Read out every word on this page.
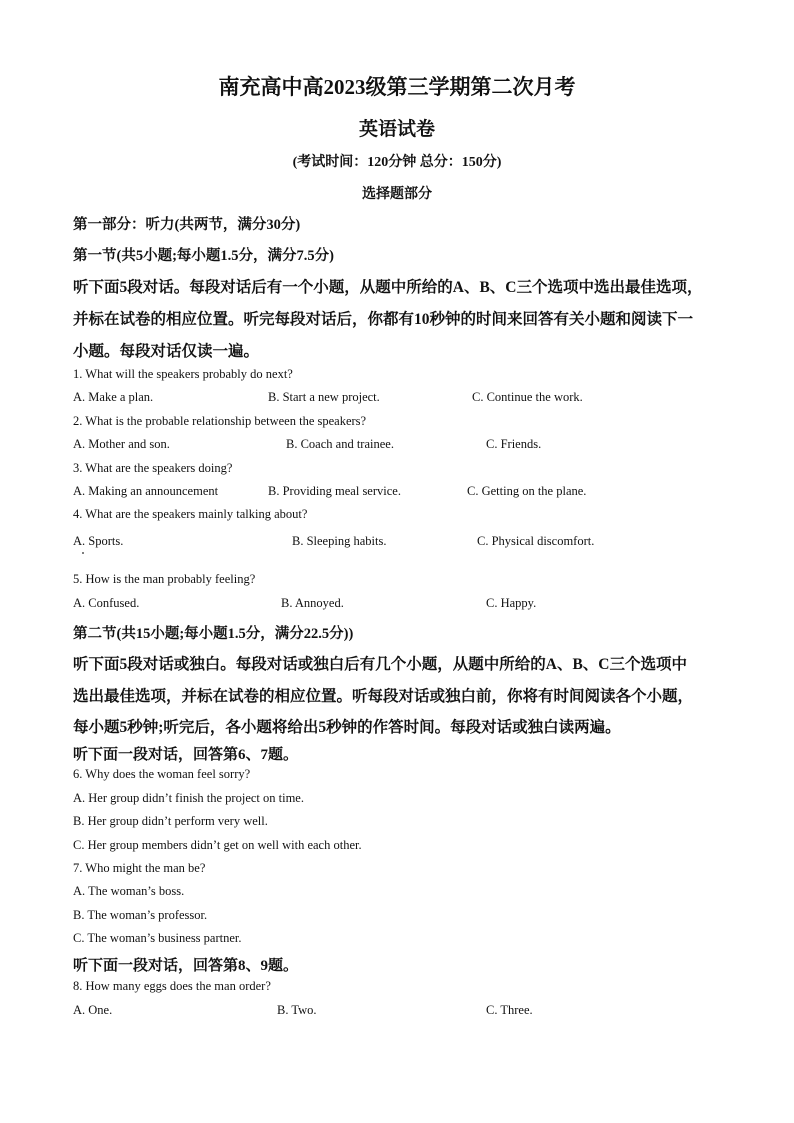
南充高中高2023级第三学期第二次月考
英语试卷
(考试时间：120分钟 总分：150分)
选择题部分
第一部分：听力(共两节，满分30分)
第一节(共5小题;每小题1.5分，满分7.5分)
听下面5段对话。每段对话后有一个小题，从题中所给的A、B、C三个选项中选出最佳选项，
并标在试卷的相应位置。听完每段对话后，你都有10秒钟的时间来回答有关小题和阅读下一
小题。每段对话仅读一遍。
1. What will the speakers probably do next?
A. Make a plan.	B. Start a new project.	C. Continue the work.
2. What is the probable relationship between the speakers?
A. Mother and son.	B. Coach and trainee.	C. Friends.
3. What are the speakers doing?
A. Making an announcement	B. Providing meal service.	C. Getting on the plane.
4. What are the speakers mainly talking about?
A. Sports.	B. Sleeping habits.	C. Physical discomfort.
5. How is the man probably feeling?
A. Confused.	B. Annoyed.	C. Happy.
第二节(共15小题;每小题1.5分，满分22.5分))
听下面5段对话或独白。每段对话或独白后有几个小题，从题中所给的A、B、C三个选项中
选出最佳选项，并标在试卷的相应位置。听每段对话或独白前，你将有时间阅读各个小题，
每小题5秒钟;听完后，各小题将给出5秒钟的作答时间。每段对话或独白读两遍。
听下面一段对话，回答第6、7题。
6. Why does the woman feel sorry?
A. Her group didn’t finish the project on time.
B. Her group didn’t perform very well.
C. Her group members didn’t get on well with each other.
7. Who might the man be?
A. The woman’s boss.
B. The woman’s professor.
C. The woman’s business partner.
听下面一段对话，回答第8、9题。
8. How many eggs does the man order?
A. One.	B. Two.	C. Three.
